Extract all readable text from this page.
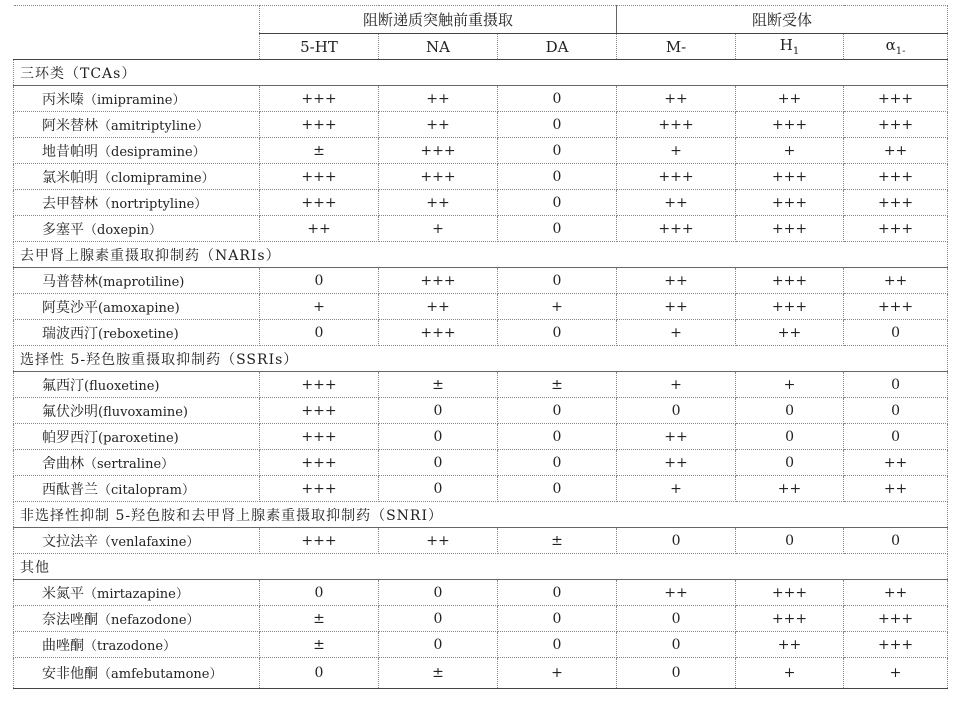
	阻断递质突触前重摄取			阻断受体		
	5-HT	NA	DA	M-	$H_1$	$\alpha_{1-}$
三环类（TCAs）						
丙米嗪（imipramine）	+++	++	0	++	++	+++
阿米替林（amitriptyline）	+++	++	0	+++	+++	+++
地昔帕明（desipramine）	±	+++	0	+	+	++
氯米帕明（clomipramine）	+++	+++	0	+++	+++	+++
去甲替林（nortriptyline）	+++	++	0	++	+++	+++
多塞平（doxepin）	++	+	0	+++	+++	+++
去甲肾上腺素重摄取抑制药（NARIs）						
马普替林(maprotiline)	0	+++	0	++	+++	++
阿莫沙平(amoxapine)	+	++	+	++	+++	+++
瑞波西汀(reboxetine)	0	+++	0	+	++	0
选择性 5-羟色胺重摄取抑制药（SSRIs）						
氟西汀(fluoxetine)	+++	±	±	+	+	0
氟伏沙明(fluvoxamine)	+++	0	0	0	0	0
帕罗西汀(paroxetine)	+++	0	0	++	0	0
舍曲林（sertraline）	+++	0	0	++	0	++
西酞普兰（citalopram）	+++	0	0	+	++	++
非选择性抑制 5-羟色胺和去甲肾上腺素重摄取抑制药（SNRI）						
文拉法辛（venlafaxine）	+++	++	±	0	0	0
其他						
米氮平（mirtazapine）	0	0	0	++	+++	++
奈法唑酮（nefazodone）	±	0	0	0	+++	+++
曲唑酮（trazodone）	±	0	0	0	++	+++
安非他酮（amfebutamone）	0	±	+	0	+	+
